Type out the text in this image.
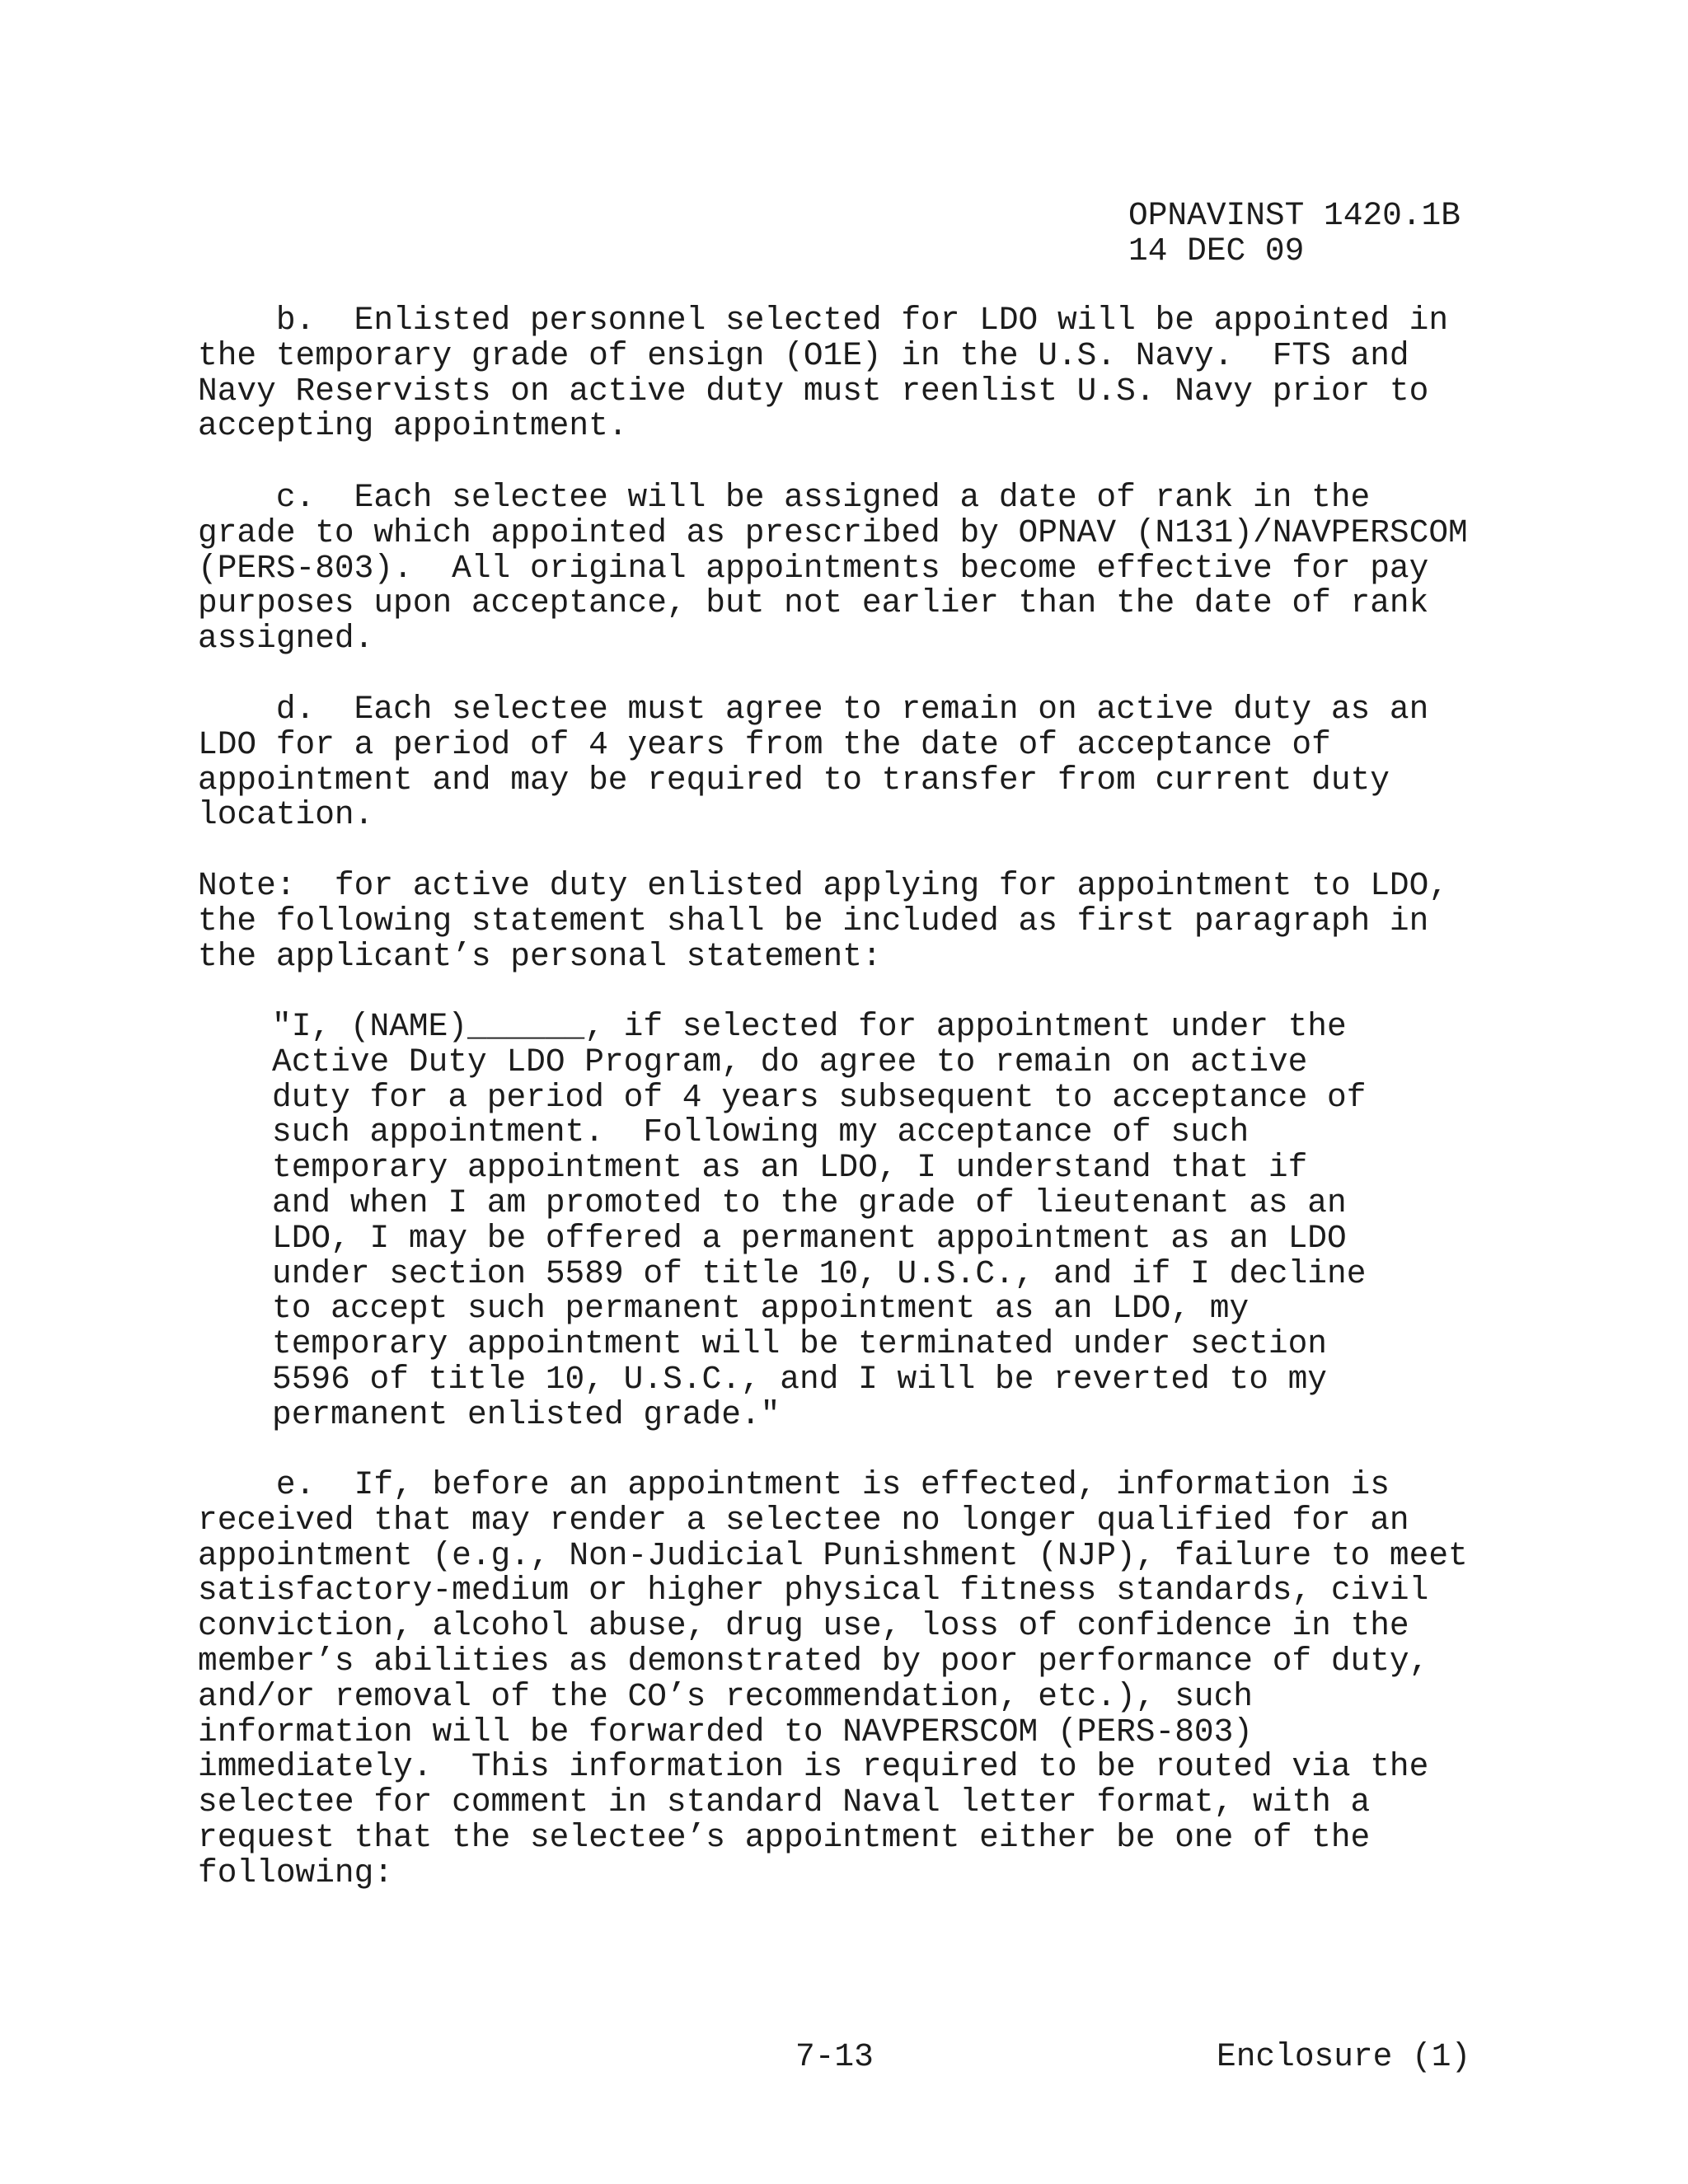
OPNAVINST 1420.1B
14 DEC 09
b.  Enlisted personnel selected for LDO will be appointed in
the temporary grade of ensign (O1E) in the U.S. Navy.  FTS and
Navy Reservists on active duty must reenlist U.S. Navy prior to
accepting appointment.
c.  Each selectee will be assigned a date of rank in the
grade to which appointed as prescribed by OPNAV (N131)/NAVPERSCOM
(PERS-803).  All original appointments become effective for pay
purposes upon acceptance, but not earlier than the date of rank
assigned.
d.  Each selectee must agree to remain on active duty as an
LDO for a period of 4 years from the date of acceptance of
appointment and may be required to transfer from current duty
location.
Note:  for active duty enlisted applying for appointment to LDO,
the following statement shall be included as first paragraph in
the applicant’s personal statement:
"I, (NAME)______, if selected for appointment under the
Active Duty LDO Program, do agree to remain on active
duty for a period of 4 years subsequent to acceptance of
such appointment.  Following my acceptance of such
temporary appointment as an LDO, I understand that if
and when I am promoted to the grade of lieutenant as an
LDO, I may be offered a permanent appointment as an LDO
under section 5589 of title 10, U.S.C., and if I decline
to accept such permanent appointment as an LDO, my
temporary appointment will be terminated under section
5596 of title 10, U.S.C., and I will be reverted to my
permanent enlisted grade."
e.  If, before an appointment is effected, information is
received that may render a selectee no longer qualified for an
appointment (e.g., Non-Judicial Punishment (NJP), failure to meet
satisfactory-medium or higher physical fitness standards, civil
conviction, alcohol abuse, drug use, loss of confidence in the
member’s abilities as demonstrated by poor performance of duty,
and/or removal of the CO’s recommendation, etc.), such
information will be forwarded to NAVPERSCOM (PERS-803)
immediately.  This information is required to be routed via the
selectee for comment in standard Naval letter format, with a
request that the selectee’s appointment either be one of the
following:
7-13	Enclosure (1)
